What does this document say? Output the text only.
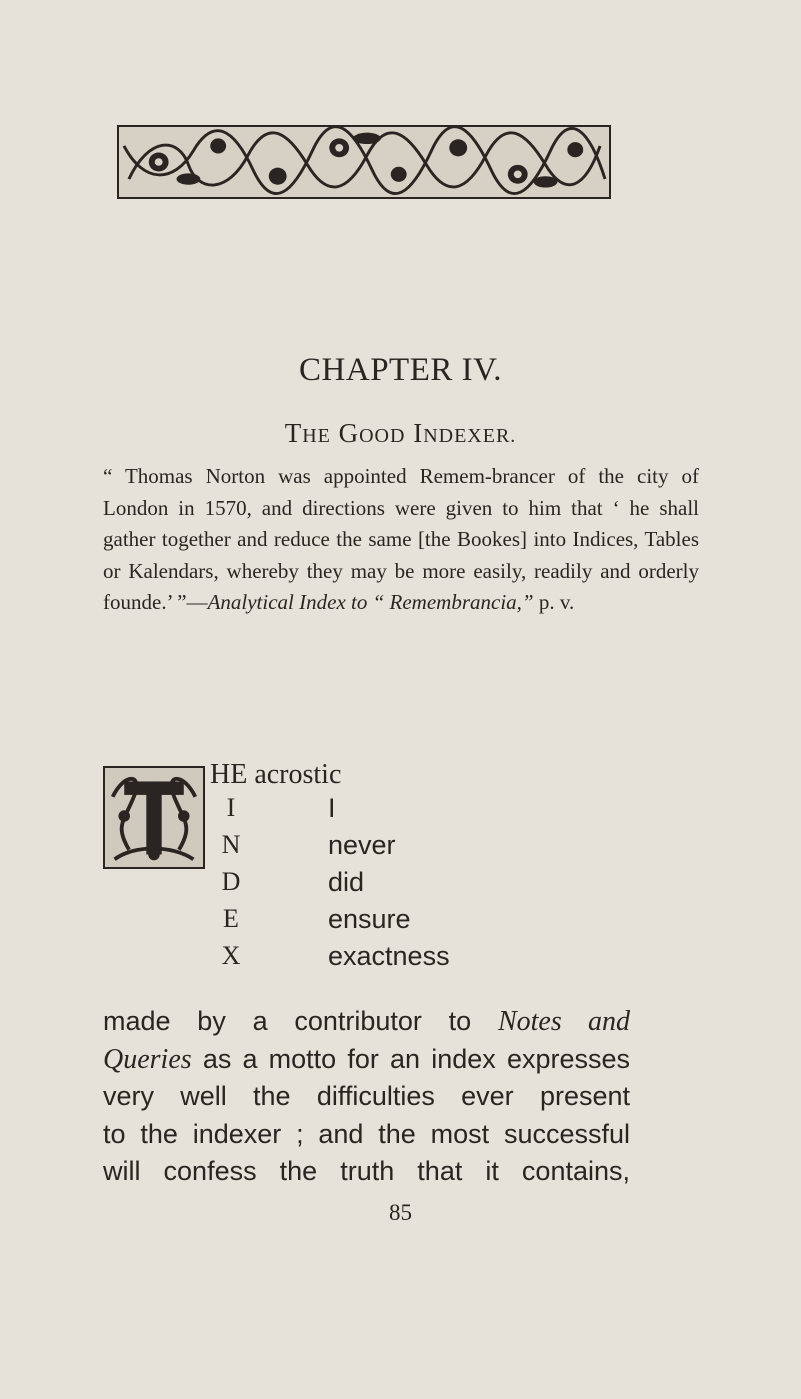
CHAPTER IV.
THE GOOD INDEXER.
“ Thomas Norton was appointed Remem-brancer of the city of London in 1570, and directions were given to him that ‘ he shall gather together and reduce the same [the Bookes] into Indices, Tables or Kalendars, whereby they may be more easily, readily and orderly founde.’ ”—Analytical Index to “ Remembrancia,” p. v.
HE acrostic
I	I
N	never
D	did
E	ensure
X	exactness
made by a contributor to Notes and
Queries as a motto for an index expresses
very well the difficulties ever present
to the indexer ; and the most successful
will confess the truth that it contains,
85
